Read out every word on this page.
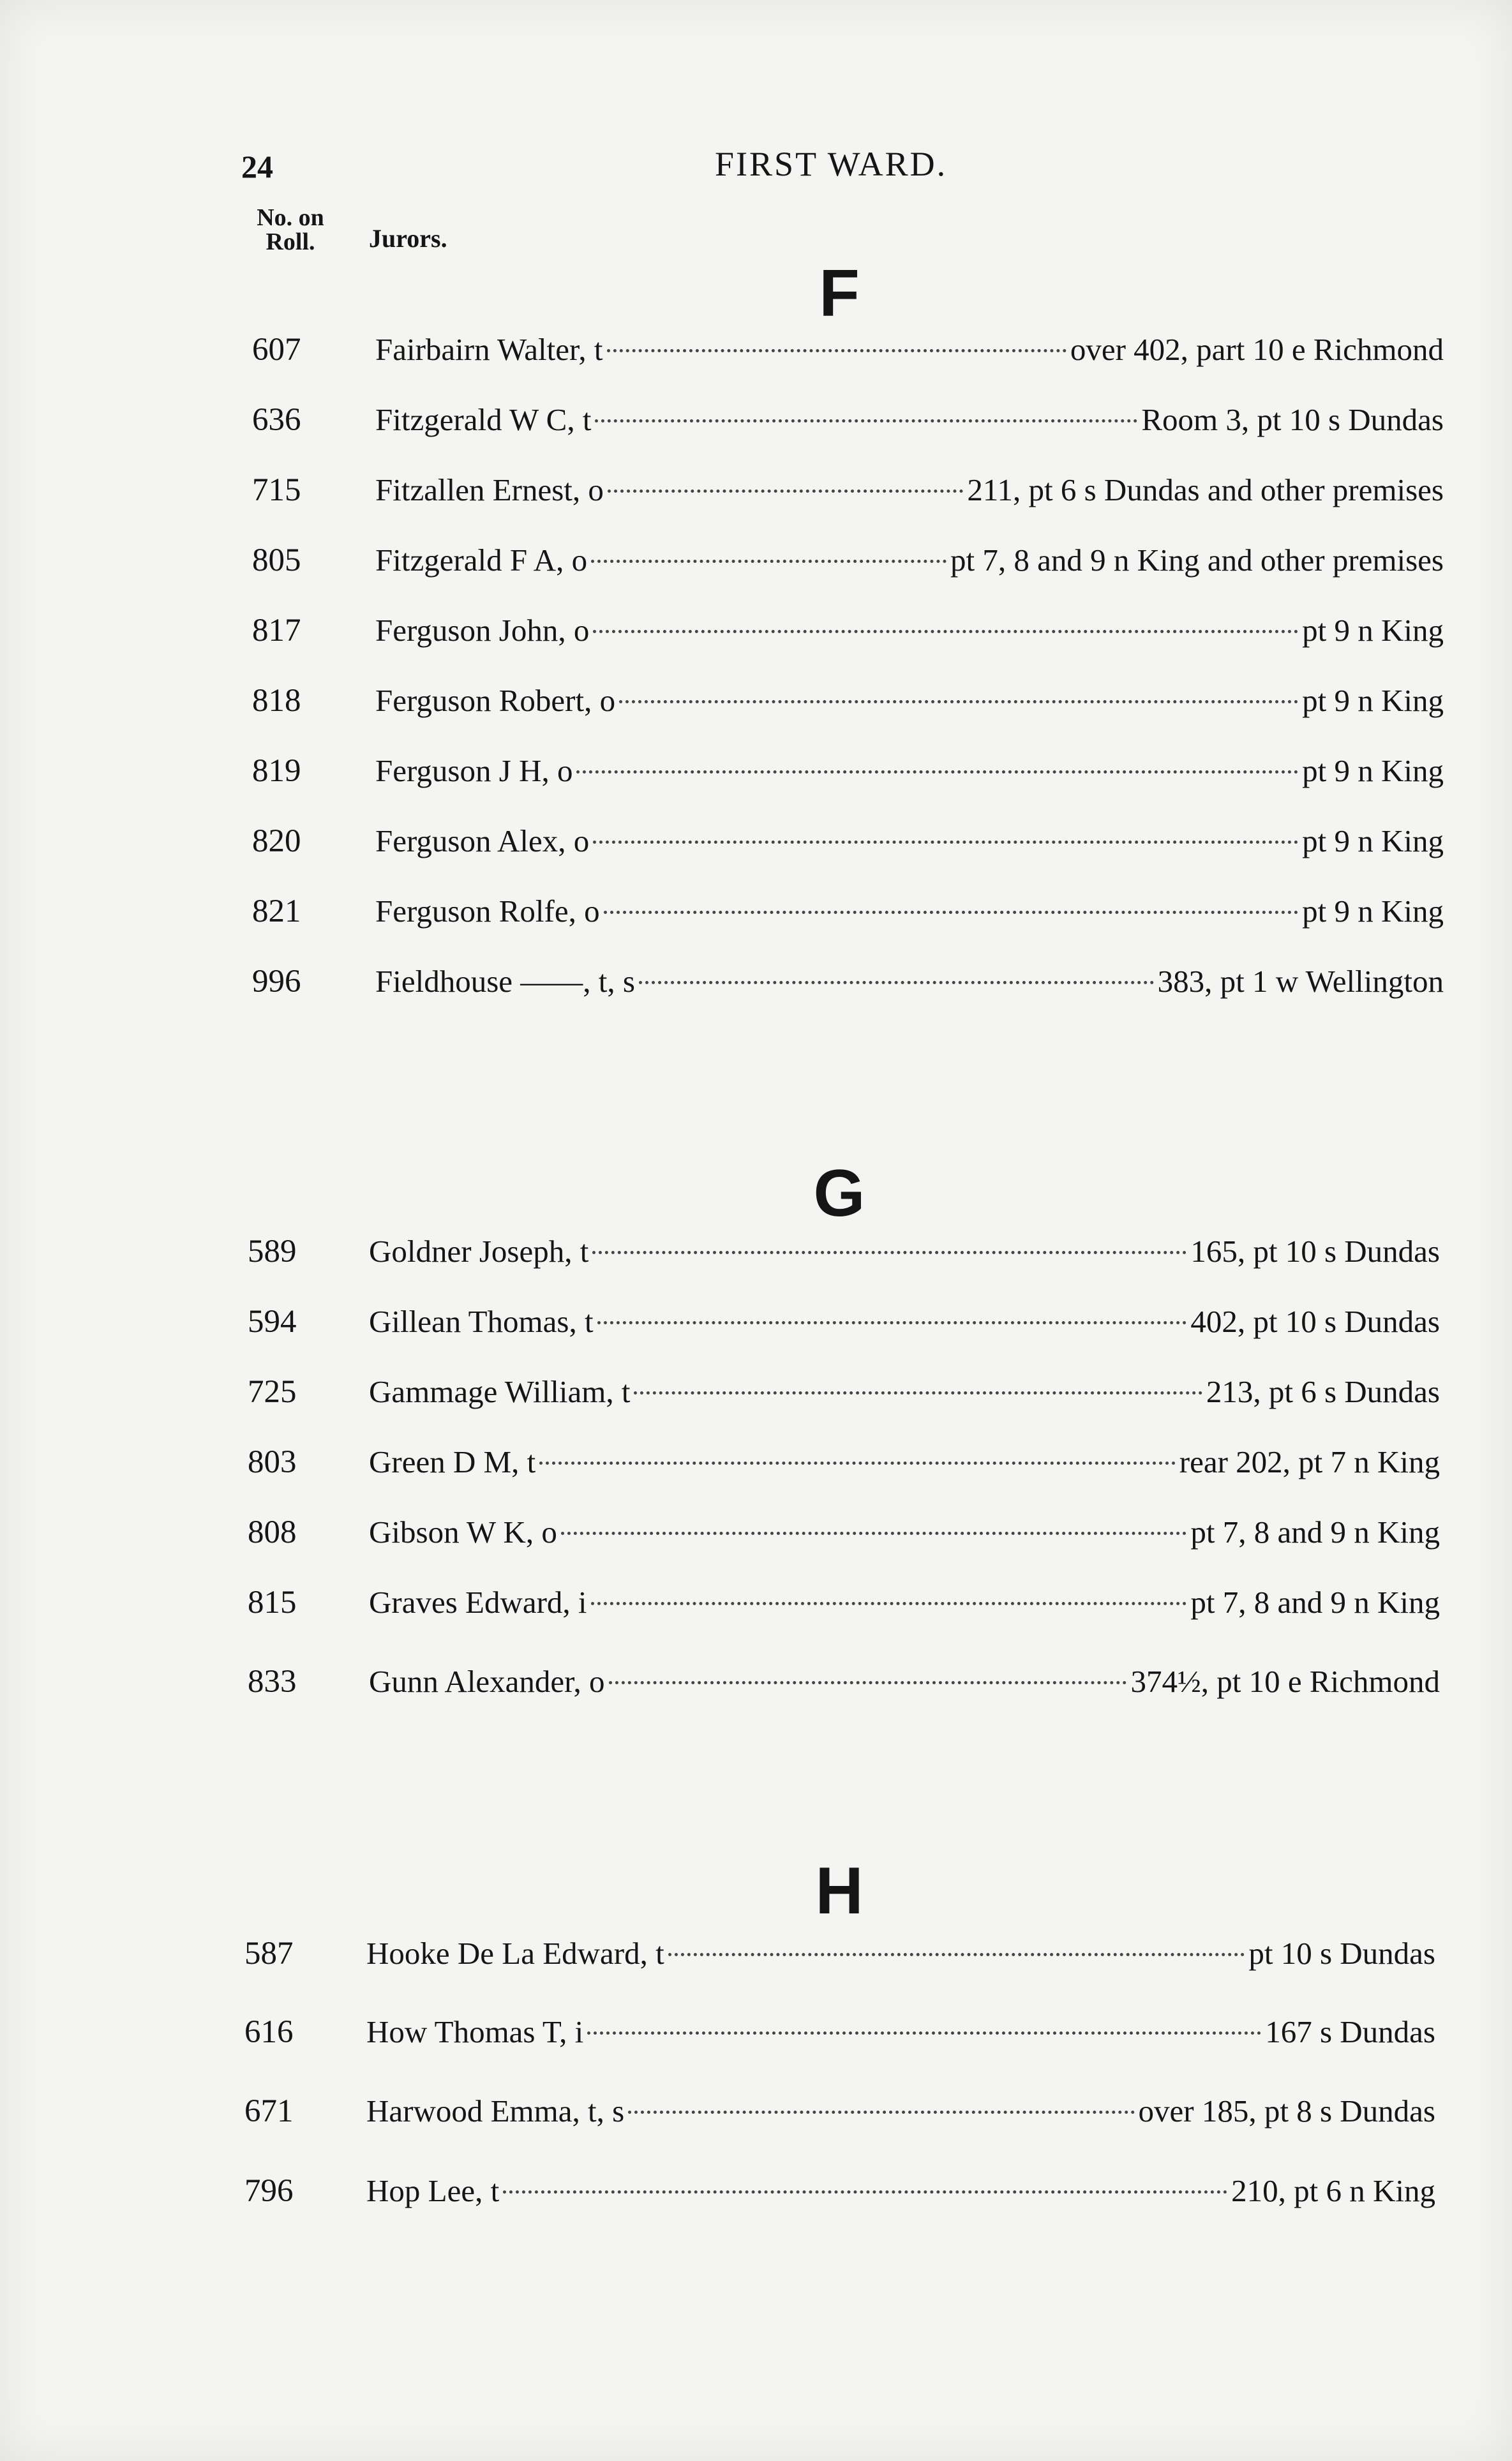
24	FIRST WARD.
No. on
Roll.	Jurors.
F
607	Fairbairn Walter, t	over 402, part 10 e Richmond
636	Fitzgerald W C, t	Room 3, pt 10 s Dundas
715	Fitzallen Ernest, o	211, pt 6 s Dundas and other premises
805	Fitzgerald F A, o	pt 7, 8 and 9 n King and other premises
817	Ferguson John, o	pt 9 n King
818	Ferguson Robert, o	pt 9 n King
819	Ferguson J H, o	pt 9 n King
820	Ferguson Alex, o	pt 9 n King
821	Ferguson Rolfe, o	pt 9 n King
996	Fieldhouse ——, t, s	383, pt 1 w Wellington
G
589	Goldner Joseph, t	165, pt 10 s Dundas
594	Gillean Thomas, t	402, pt 10 s Dundas
725	Gammage William, t	213, pt 6 s Dundas
803	Green D M, t	rear 202, pt 7 n King
808	Gibson W K, o	pt 7, 8 and 9 n King
815	Graves Edward, i	pt 7, 8 and 9 n King
833	Gunn Alexander, o	374½, pt 10 e Richmond
H
587	Hooke De La Edward, t	pt 10 s Dundas
616	How Thomas T, i	167 s Dundas
671	Harwood Emma, t, s	over 185, pt 8 s Dundas
796	Hop Lee, t	210, pt 6 n King
